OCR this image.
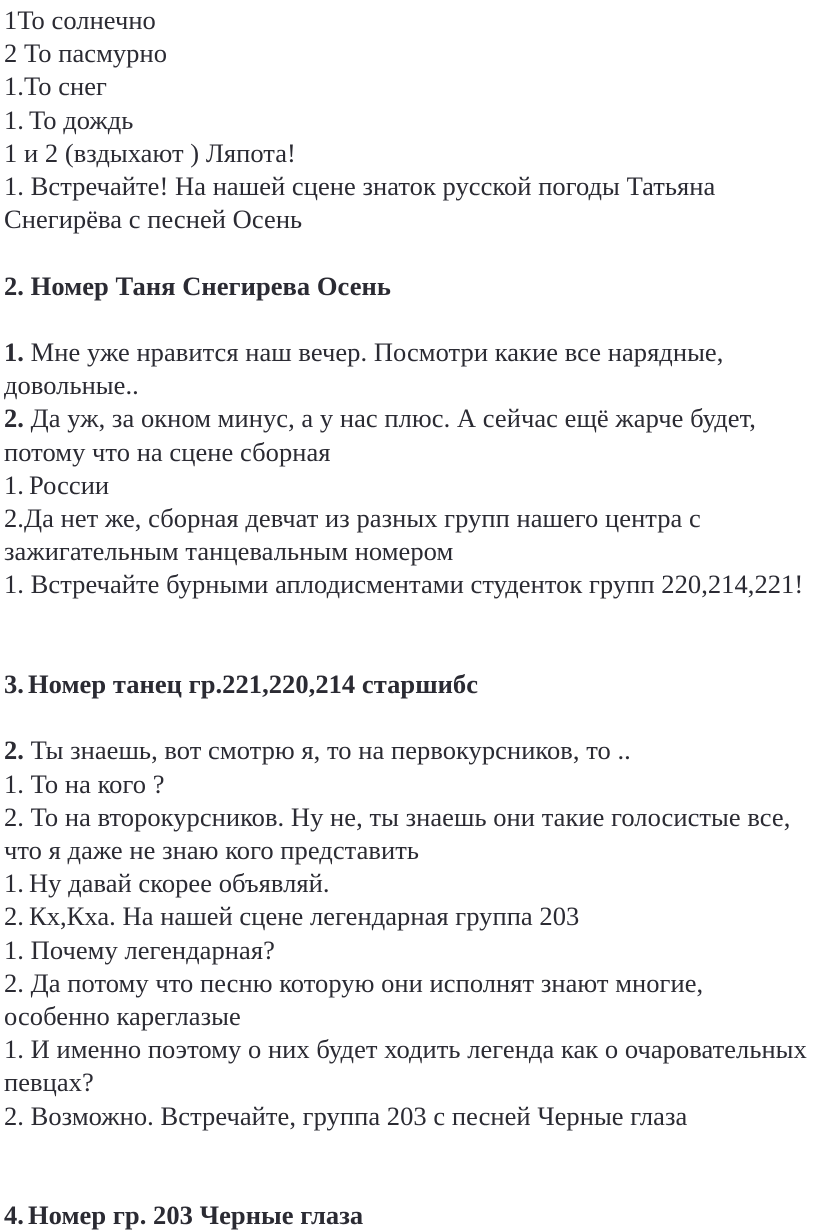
1То солнечно

2 То пасмурно

1.То снег

1. То дождь

1 и 2 (вздыхают ) Ляпота!

1. Встречайте! На нашей сцене знаток русской погоды Татьяна Снегирёва с песней Осень

2. Номер Таня Снегирева Осень

1. Мне уже нравится наш вечер. Посмотри какие все нарядные, довольные..

2. Да уж, за окном минус, а у нас плюс. А сейчас ещё жарче будет, потому что на сцене сборная

1. России

2.Да нет же, сборная девчат из разных групп нашего центра с зажигательным танцевальным номером

1. Встречайте бурными аплодисментами студенток групп 220,214,221!

3. Номер танец гр.221,220,214 старшибс

2. Ты знаешь, вот смотрю я, то на первокурсников, то ..

1. То на кого ?

2. То на второкурсников. Ну не, ты знаешь они такие голосистые все, что я даже не знаю кого представить

1. Ну давай скорее объявляй.

2. Кх,Кха. На нашей сцене легендарная группа 203

1. Почему легендарная?

2. Да потому что песню которую они исполнят знают многие, особенно кареглазые

1. И именно поэтому о них будет ходить легенда как о очаровательных певцах?

2. Возможно. Встречайте, группа 203 с песней Черные глаза

4. Номер гр. 203 Черные глаза
